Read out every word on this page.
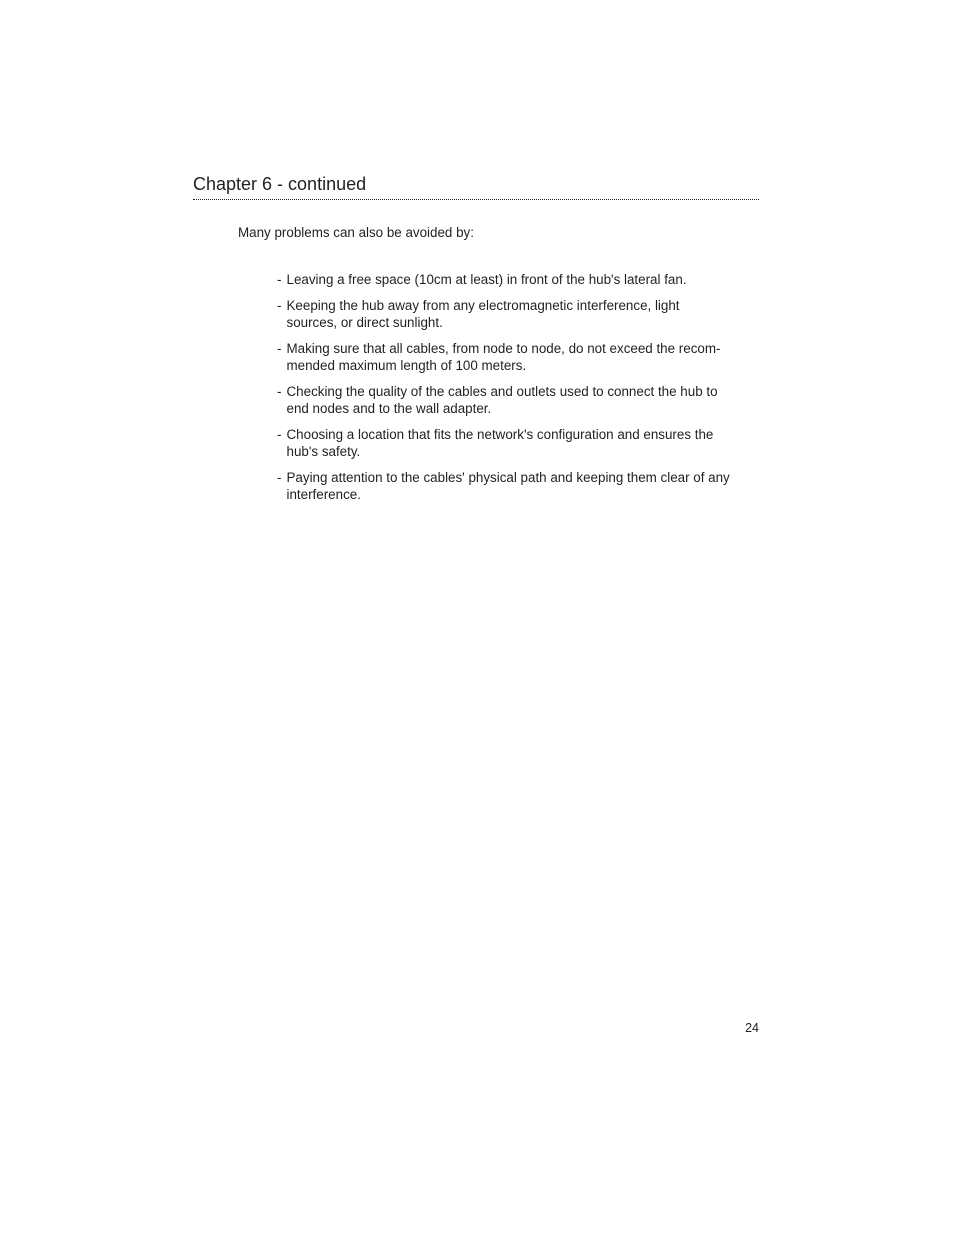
Chapter 6 - continued

Many problems can also be avoided by:

- Leaving a free space (10cm at least) in front of the hub's lateral fan.
- Keeping the hub away from any electromagnetic interference, light
sources, or direct sunlight.
- Making sure that all cables, from node to node, do not exceed the recom-
mended maximum length of 100 meters.
- Checking the quality of the cables and outlets used to connect the hub to
end nodes and to the wall adapter.
- Choosing a location that fits the network's configuration and ensures the
hub's safety.
- Paying attention to the cables' physical path and keeping them clear of any
interference.

24
